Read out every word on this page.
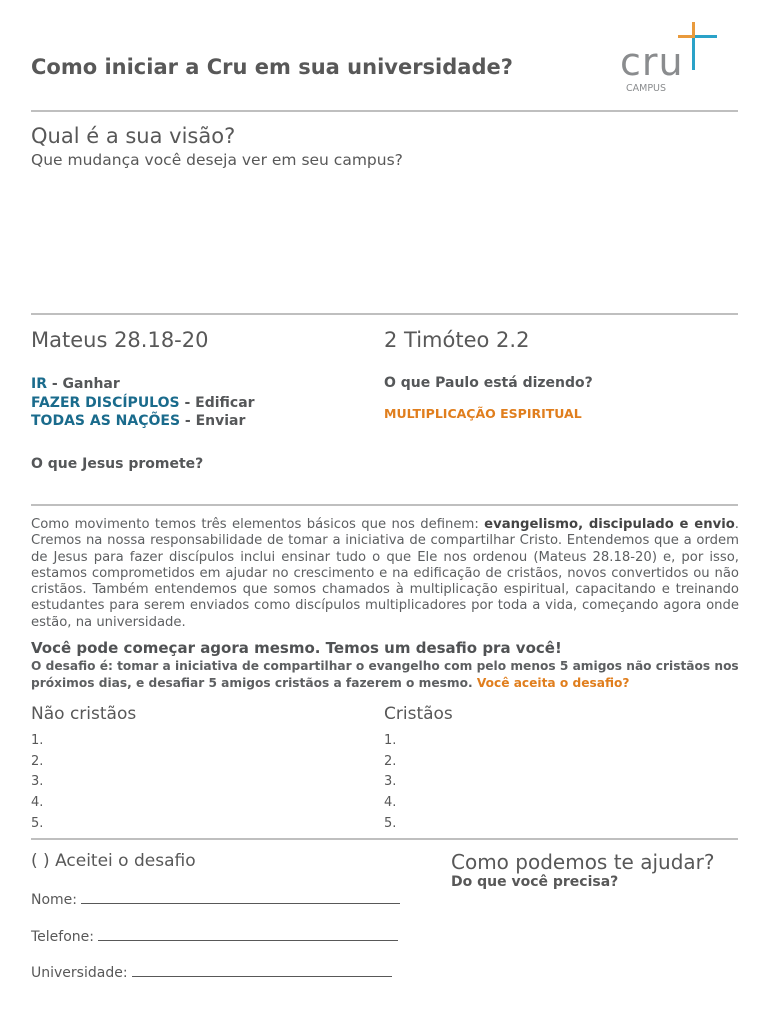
Como iniciar a Cru em sua universidade?	cru
CAMPUS
Qual é a sua visão?
Que mudança você deseja ver em seu campus?
Mateus 28.18-20
IR - Ganhar
FAZER DISCÍPULOS - Edificar
TODAS AS NAÇÕES - Enviar
O que Jesus promete?
2 Timóteo 2.2
O que Paulo está dizendo?
MULTIPLICAÇÃO ESPIRITUAL
Como movimento temos três elementos básicos que nos definem: evangelismo, discipulado e envio. Cremos na nossa responsabilidade de tomar a iniciativa de compartilhar Cristo. Entendemos que a ordem de Jesus para fazer discípulos inclui ensinar tudo o que Ele nos ordenou (Mateus 28.18-20) e, por isso, estamos comprometidos em ajudar no crescimento e na edificação de cristãos, novos convertidos ou não cristãos. Também entendemos que somos chamados à multiplicação espiritual, capacitando e treinando estudantes para serem enviados como discípulos multiplicadores por toda a vida, começando agora onde estão, na universidade.
Você pode começar agora mesmo. Temos um desafio pra você!
O desafio é: tomar a iniciativa de compartilhar o evangelho com pelo menos 5 amigos não cristãos nos próximos dias, e desafiar 5 amigos cristãos a fazerem o mesmo. Você aceita o desafio?
Não cristãos
1.
2.
3.
4.
5.
Cristãos
1.
2.
3.
4.
5.
( ) Aceitei o desafio
Nome:
Telefone:
Universidade:
Como podemos te ajudar?
Do que você precisa?
